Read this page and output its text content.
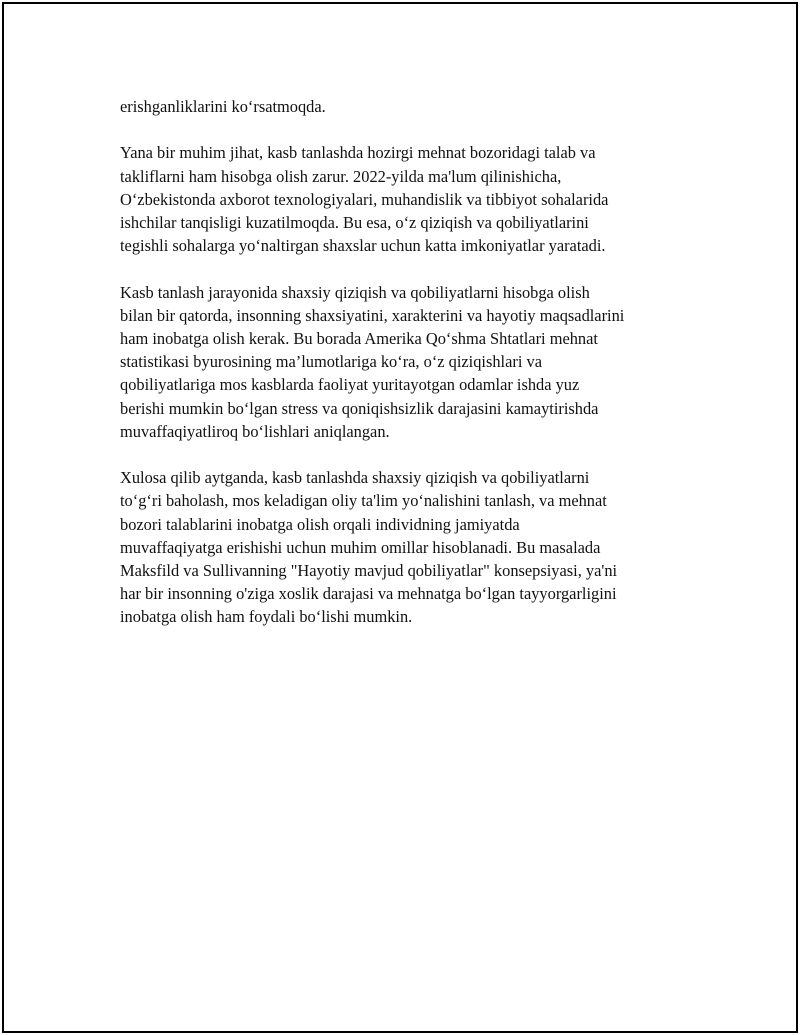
erishganliklarini ko‘rsatmoqda.

Yana bir muhim jihat, kasb tanlashda hozirgi mehnat bozoridagi talab va
takliflarni ham hisobga olish zarur. 2022-yilda ma'lum qilinishicha,
O‘zbekistonda axborot texnologiyalari, muhandislik va tibbiyot sohalarida
ishchilar tanqisligi kuzatilmoqda. Bu esa, o‘z qiziqish va qobiliyatlarini
tegishli sohalarga yo‘naltirgan shaxslar uchun katta imkoniyatlar yaratadi.

Kasb tanlash jarayonida shaxsiy qiziqish va qobiliyatlarni hisobga olish
bilan bir qatorda, insonning shaxsiyatini, xarakterini va hayotiy maqsadlarini
ham inobatga olish kerak. Bu borada Amerika Qo‘shma Shtatlari mehnat
statistikasi byurosining ma’lumotlariga ko‘ra, o‘z qiziqishlari va
qobiliyatlariga mos kasblarda faoliyat yuritayotgan odamlar ishda yuz
berishi mumkin bo‘lgan stress va qoniqishsizlik darajasini kamaytirishda
muvaffaqiyatliroq bo‘lishlari aniqlangan.

Xulosa qilib aytganda, kasb tanlashda shaxsiy qiziqish va qobiliyatlarni
to‘g‘ri baholash, mos keladigan oliy ta'lim yo‘nalishini tanlash, va mehnat
bozori talablarini inobatga olish orqali individning jamiyatda
muvaffaqiyatga erishishi uchun muhim omillar hisoblanadi. Bu masalada
Maksfild va Sullivanning "Hayotiy mavjud qobiliyatlar" konsepsiyasi, ya'ni
har bir insonning o'ziga xoslik darajasi va mehnatga bo‘lgan tayyorgarligini
inobatga olish ham foydali bo‘lishi mumkin.
